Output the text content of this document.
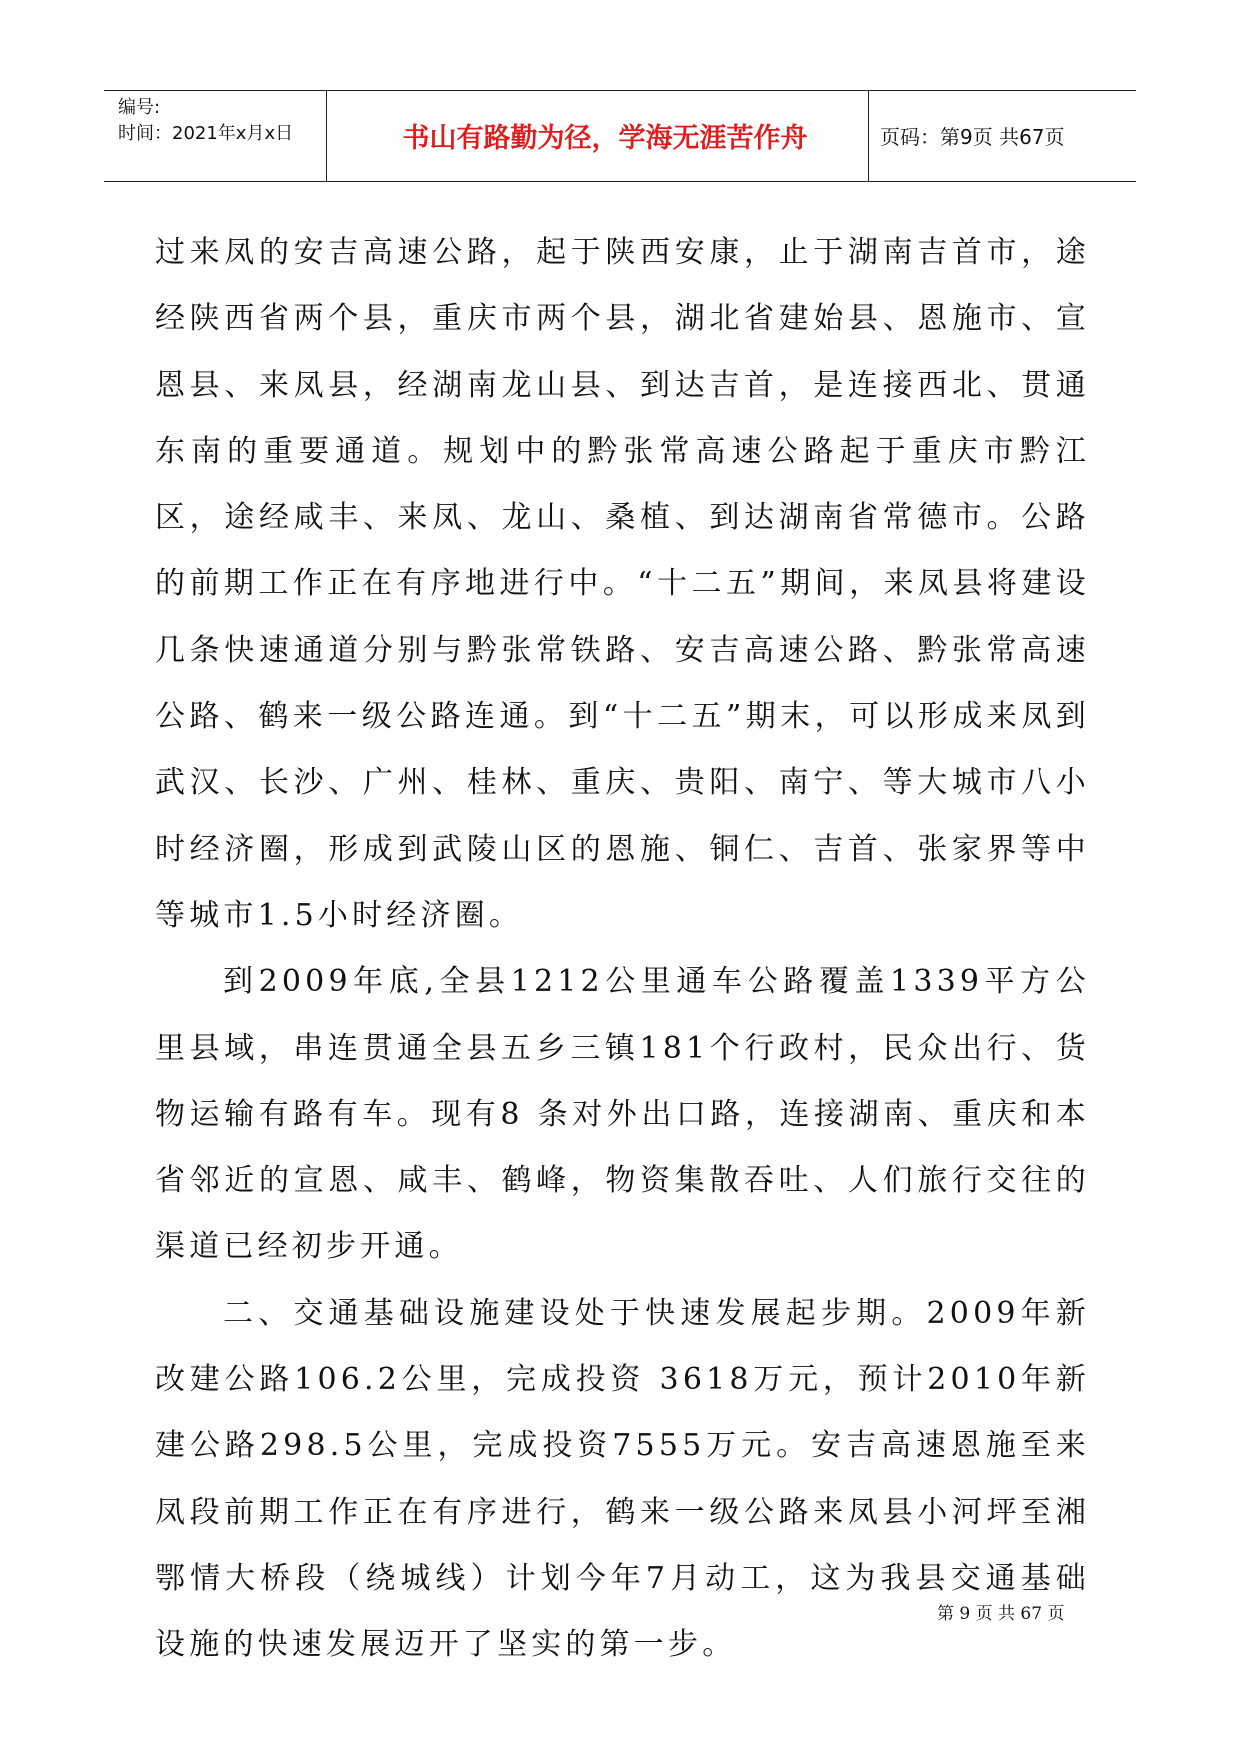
编号:
时间：2021年x月x日	书山有路勤为径，学海无涯苦作舟	页码：第9页 共67页

过来凤的安吉高速公路，起于陕西安康，止于湖南吉首市，途经陕西省两个县，重庆市两个县，湖北省建始县、恩施市、宣恩县、来凤县，经湖南龙山县、到达吉首，是连接西北、贯通东南的重要通道。规划中的黔张常高速公路起于重庆市黔江区，途经咸丰、来凤、龙山、桑植、到达湖南省常德市。公路的前期工作正在有序地进行中。“十二五”期间，来凤县将建设几条快速通道分别与黔张常铁路、安吉高速公路、黔张常高速公路、鹤来一级公路连通。到“十二五”期末，可以形成来凤到武汉、长沙、广州、桂林、重庆、贵阳、南宁、等大城市八小时经济圈，形成到武陵山区的恩施、铜仁、吉首、张家界等中等城市1.5小时经济圈。

到2009年底,全县1212公里通车公路覆盖1339平方公里县域，串连贯通全县五乡三镇181个行政村，民众出行、货物运输有路有车。现有8 条对外出口路，连接湖南、重庆和本省邻近的宣恩、咸丰、鹤峰，物资集散吞吐、人们旅行交往的渠道已经初步开通。

二、交通基础设施建设处于快速发展起步期。2009年新改建公路106.2公里，完成投资 3618万元，预计2010年新建公路298.5公里，完成投资7555万元。安吉高速恩施至来凤段前期工作正在有序进行，鹤来一级公路来凤县小河坪至湘鄂情大桥段（绕城线）计划今年7月动工，这为我县交通基础设施的快速发展迈开了坚实的第一步。

第 9 页 共 67 页
